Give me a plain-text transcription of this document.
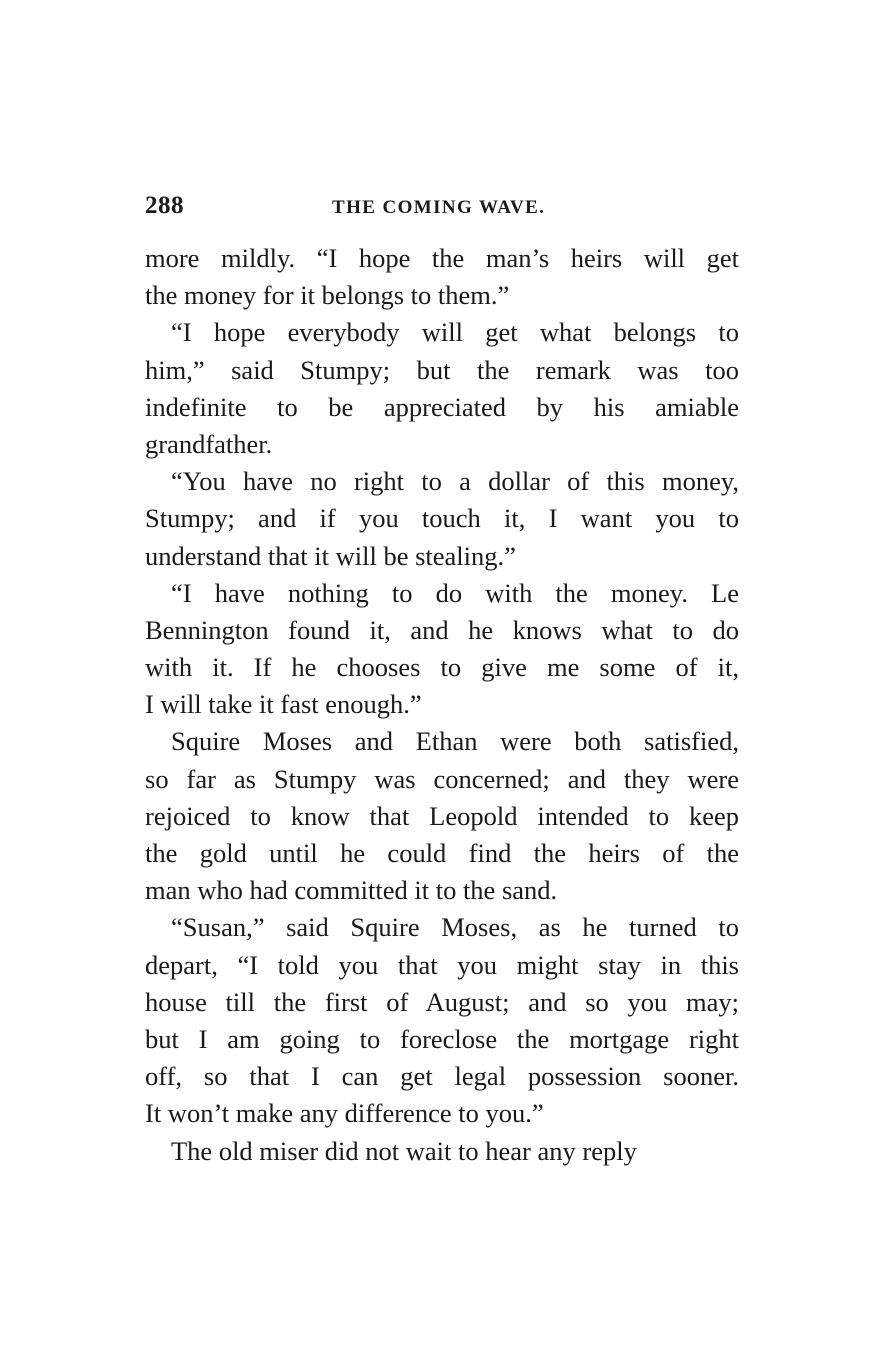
288	THE COMING WAVE.
more mildly. “I hope the man’s heirs will get
the money for it belongs to them.”
“I hope everybody will get what belongs to
him,” said Stumpy; but the remark was too
indefinite to be appreciated by his amiable
grandfather.
“You have no right to a dollar of this money,
Stumpy; and if you touch it, I want you to
understand that it will be stealing.”
“I have nothing to do with the money. Le
Bennington found it, and he knows what to do
with it. If he chooses to give me some of it,
I will take it fast enough.”
Squire Moses and Ethan were both satisfied,
so far as Stumpy was concerned; and they were
rejoiced to know that Leopold intended to keep
the gold until he could find the heirs of the
man who had committed it to the sand.
“Susan,” said Squire Moses, as he turned to
depart, “I told you that you might stay in this
house till the first of August; and so you may;
but I am going to foreclose the mortgage right
off, so that I can get legal possession sooner.
It won’t make any difference to you.”
The old miser did not wait to hear any reply
